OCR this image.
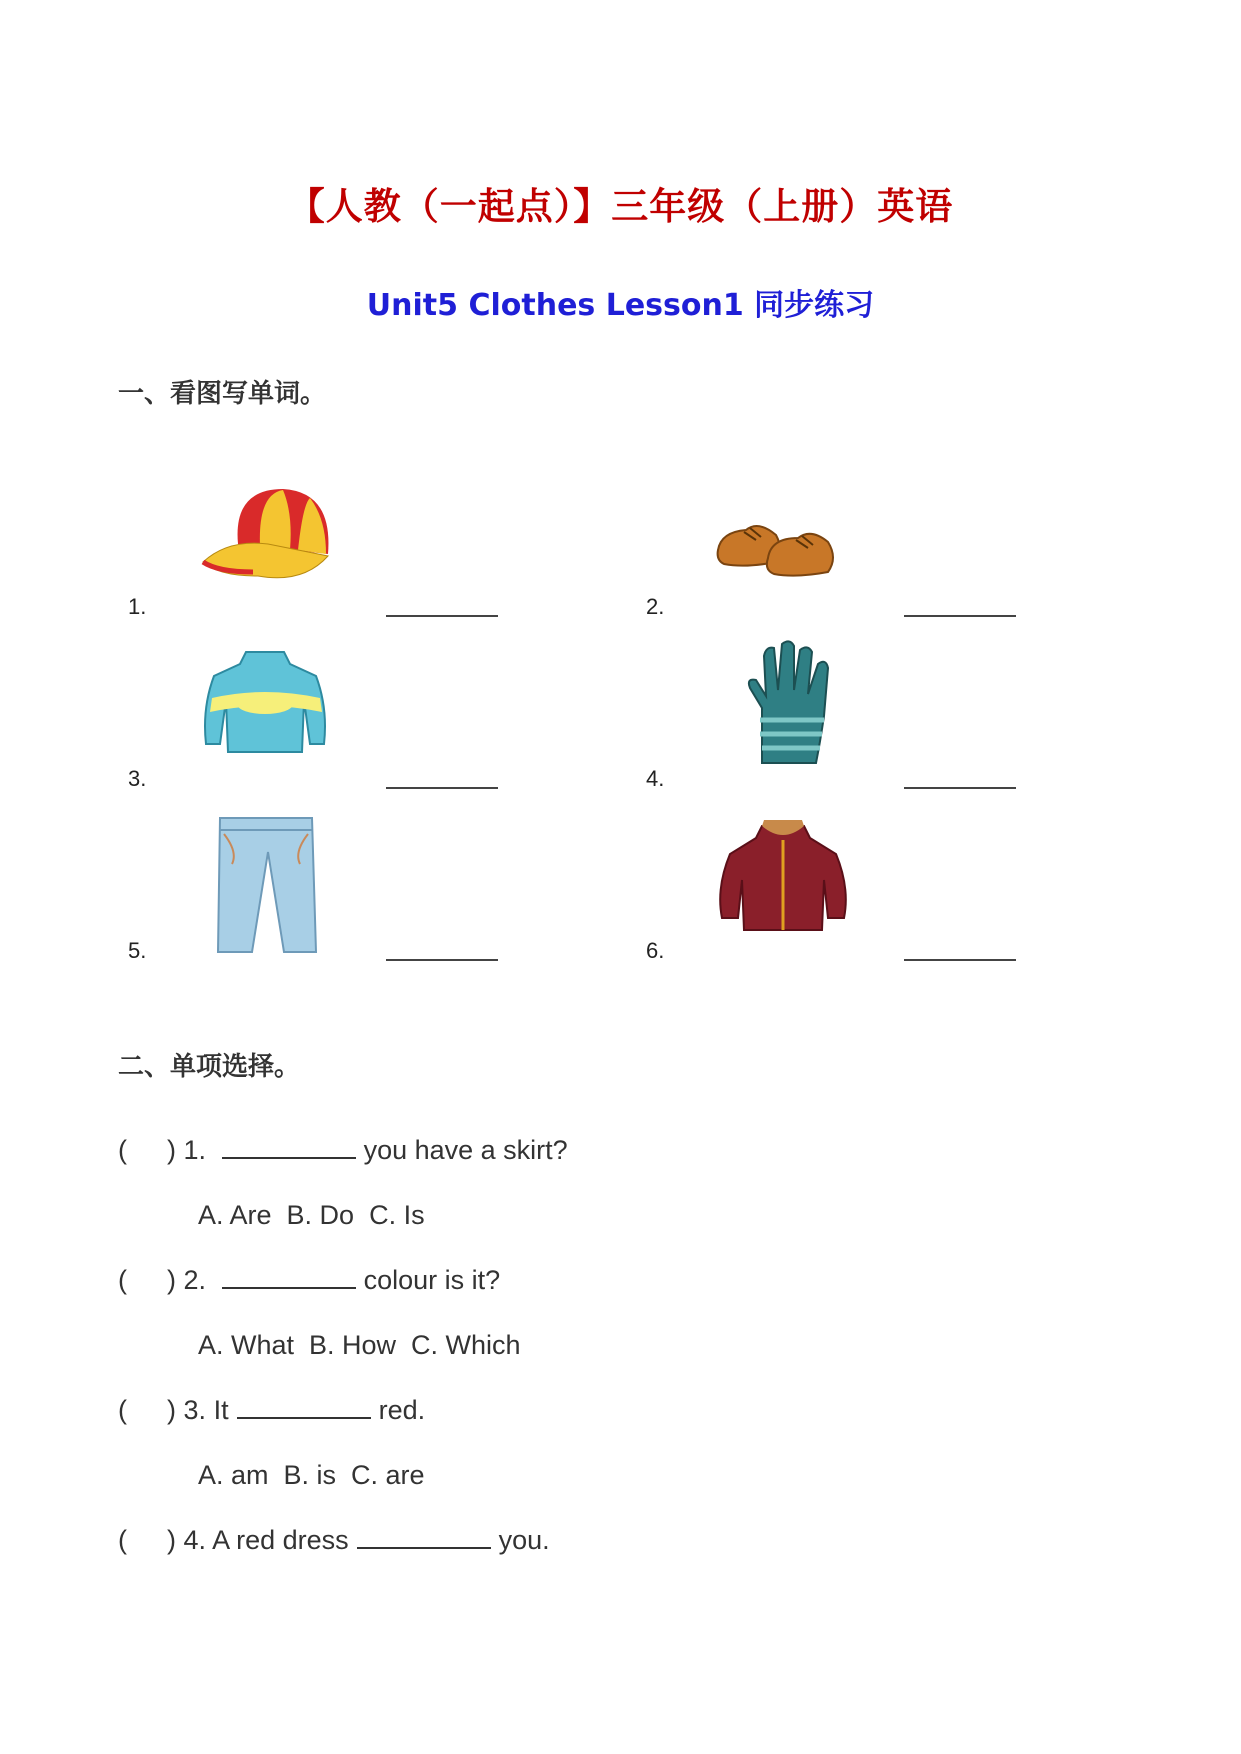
【人教（一起点）】三年级（上册）英语
Unit5 Clothes Lesson1 同步练习
一、看图写单词。
1.	2.
3.	4.
5.	6.
二、单项选择。
( ) 1.	you have a skirt?
A. Are  B. Do  C. Is
( ) 2.	colour is it?
A. What  B. How  C. Which
( ) 3. It	red.
A. am  B. is  C. are
( ) 4. A red dress	you.
